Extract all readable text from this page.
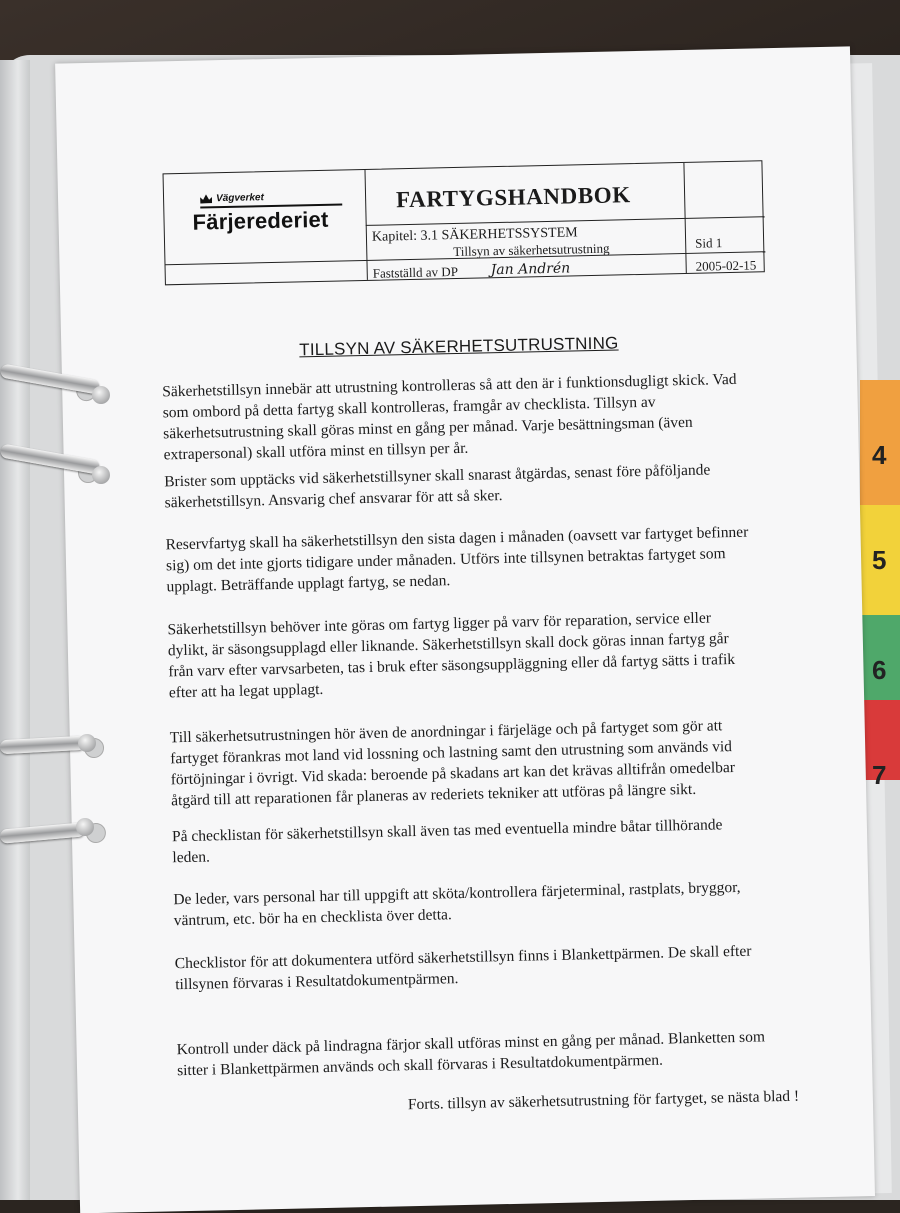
4
5
6
7
Vägverket
Färjerederiet
FARTYGSHANDBOK
Kapitel: 3.1 SÄKERHETSSYSTEM
Tillsyn av säkerhetsutrustning	Sid 1
Fastställd av DP Jan Andrén	2005-02-15
TILLSYN AV SÄKERHETSUTRUSTNING

Säkerhetstillsyn innebär att utrustning kontrolleras så att den är i funktionsdugligt skick. Vad
som ombord på detta fartyg skall kontrolleras, framgår av checklista. Tillsyn av
säkerhetsutrustning skall göras minst en gång per månad. Varje besättningsman (även
extrapersonal) skall utföra minst en tillsyn per år.

Brister som upptäcks vid säkerhetstillsyner skall snarast åtgärdas, senast före påföljande
säkerhetstillsyn. Ansvarig chef ansvarar för att så sker.

Reservfartyg skall ha säkerhetstillsyn den sista dagen i månaden (oavsett var fartyget befinner
sig) om det inte gjorts tidigare under månaden. Utförs inte tillsynen betraktas fartyget som
upplagt. Beträffande upplagt fartyg, se nedan.

Säkerhetstillsyn behöver inte göras om fartyg ligger på varv för reparation, service eller
dylikt, är säsongsupplagd eller liknande. Säkerhetstillsyn skall dock göras innan fartyg går
från varv efter varvsarbeten, tas i bruk efter säsongsuppläggning eller då fartyg sätts i trafik
efter att ha legat upplagt.

Till säkerhetsutrustningen hör även de anordningar i färjeläge och på fartyget som gör att
fartyget förankras mot land vid lossning och lastning samt den utrustning som används vid
förtöjningar i övrigt. Vid skada: beroende på skadans art kan det krävas alltifrån omedelbar
åtgärd till att reparationen får planeras av rederiets tekniker att utföras på längre sikt.

På checklistan för säkerhetstillsyn skall även tas med eventuella mindre båtar tillhörande
leden.

De leder, vars personal har till uppgift att sköta/kontrollera färjeterminal, rastplats, bryggor,
väntrum, etc. bör ha en checklista över detta.

Checklistor för att dokumentera utförd säkerhetstillsyn finns i Blankettpärmen. De skall efter
tillsynen förvaras i Resultatdokumentpärmen.

Kontroll under däck på lindragna färjor skall utföras minst en gång per månad. Blanketten som
sitter i Blankettpärmen används och skall förvaras i Resultatdokumentpärmen.

Forts. tillsyn av säkerhetsutrustning för fartyget, se nästa blad !
